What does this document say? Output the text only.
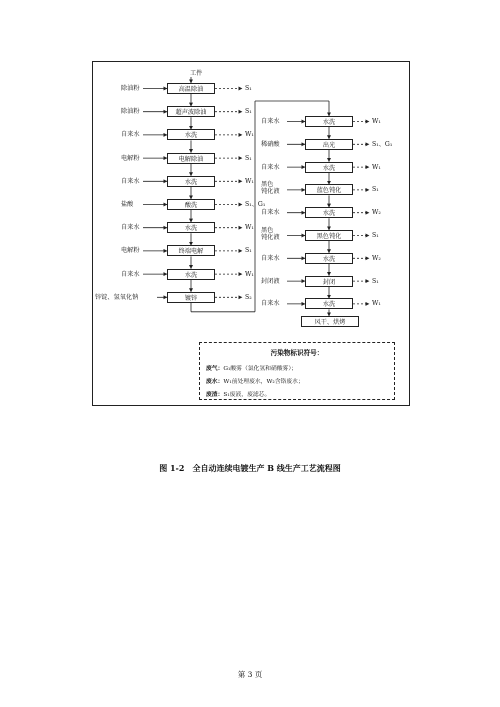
工件
高温除油
除油粉	S₁
超声波除油
除油粉	S₁
水洗
自来水	W₁
电解除油
电解粉	S₁
水洗
自来水	W₁
酸洗
盐酸	S₁、G₁
水洗
自来水	W₁
终端电解
电解粉	S₁
水洗
自来水	W₁
镀锌
锌锭、氢氧化钠	S₂
水洗
自来水	W₁
出光
稀硝酸	S₁、G₁
水洗
自来水	W₁
蓝色钝化
黑色
钝化液	S₁
水洗
自来水	W₂
黑色钝化
黑色
钝化液	S₁
水洗
自来水	W₂
封闭
封闭液	S₁
水洗
自来水	W₁
风干、烘烤
污染物标识符号：
废气：G₁酸雾（氯化氢和硝酸雾）；
废水：W₁前处理废水，W₂含铬废水；
废渣：S₁废液，废滤芯。
图 1-2　全自动连续电镀生产 B 线生产工艺流程图
第 3 页
